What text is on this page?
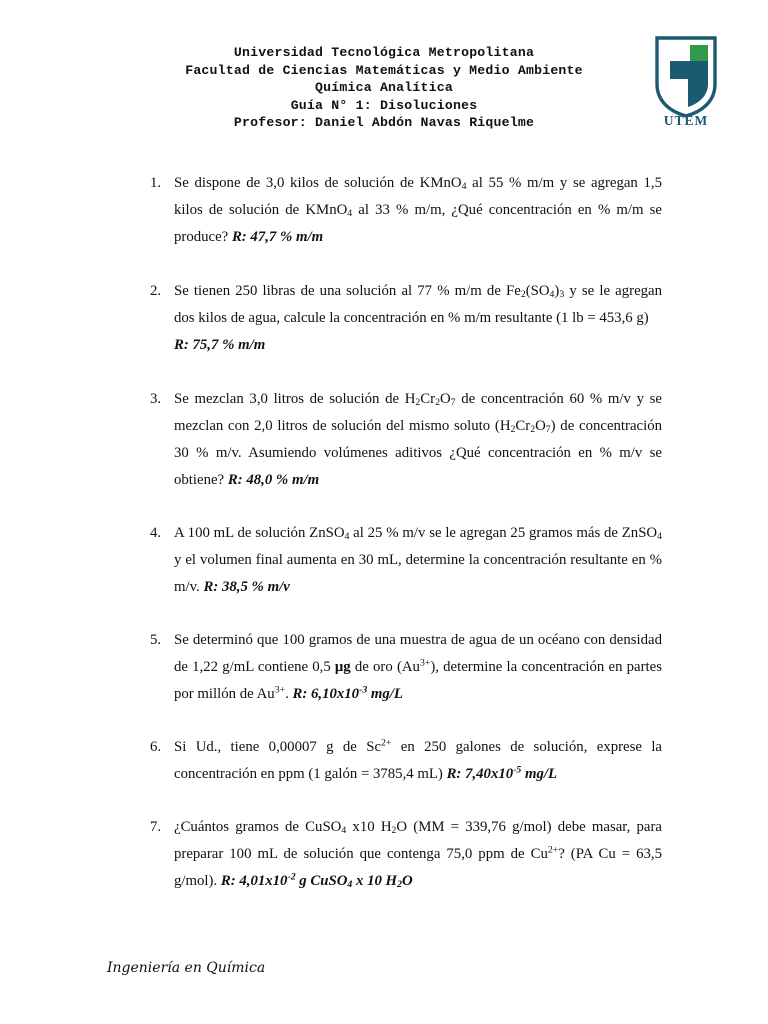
Universidad Tecnológica Metropolitana
Facultad de Ciencias Matemáticas y Medio Ambiente
Química Analítica
Guía N° 1: Disoluciones
Profesor: Daniel Abdón Navas Riquelme	UTEM
1. Se dispone de 3,0 kilos de solución de KMnO$_4$ al 55 % m/m y se agregan 1,5 kilos de solución de KMnO$_4$ al 33 % m/m, ¿Qué concentración en % m/m se produce? R: 47,7 % m/m
2. Se tienen 250 libras de una solución al 77 % m/m de $Fe_2(SO_4)_3$ y se le agregan dos kilos de agua, calcule la concentración en % m/m resultante (1 lb = 453,6 g)
R: 75,7 % m/m
3. Se mezclan 3,0 litros de solución de $H_2Cr_2O_7$ de concentración 60 % m/v y se mezclan con 2,0 litros de solución del mismo soluto $(H_2Cr_2O_7)$ de concentración 30 % m/v. Asumiendo volúmenes aditivos ¿Qué concentración en % m/v se obtiene? R: 48,0 % m/m
4. A 100 mL de solución ZnSO$_4$ al 25 % m/v se le agregan 25 gramos más de ZnSO$_4$ y el volumen final aumenta en 30 mL, determine la concentración resultante en % m/v. R: 38,5 % m/v
5. Se determinó que 100 gramos de una muestra de agua de un océano con densidad de 1,22 g/mL contiene 0,5 μg de oro $(Au^{3+})$, determine la concentración en partes por millón de $Au^{3+}$. R: $6,10x10^{-3}$ mg/L
6. Si Ud., tiene 0,00007 g de $Sc^{2+}$ en 250 galones de solución, exprese la concentración en ppm (1 galón = 3785,4 mL) R: $7,40x10^{-5}$ mg/L
7. ¿Cuántos gramos de CuSO$_4$ x10 $H_2O$ (MM = 339,76 g/mol) debe masar, para preparar 100 mL de solución que contenga 75,0 ppm de $Cu^{2+}$? (PA Cu = 63,5 g/mol). R: $4,01x10^{-2}$ g CuSO$_4$ x 10 $H_2O$
Ingeniería en Química
